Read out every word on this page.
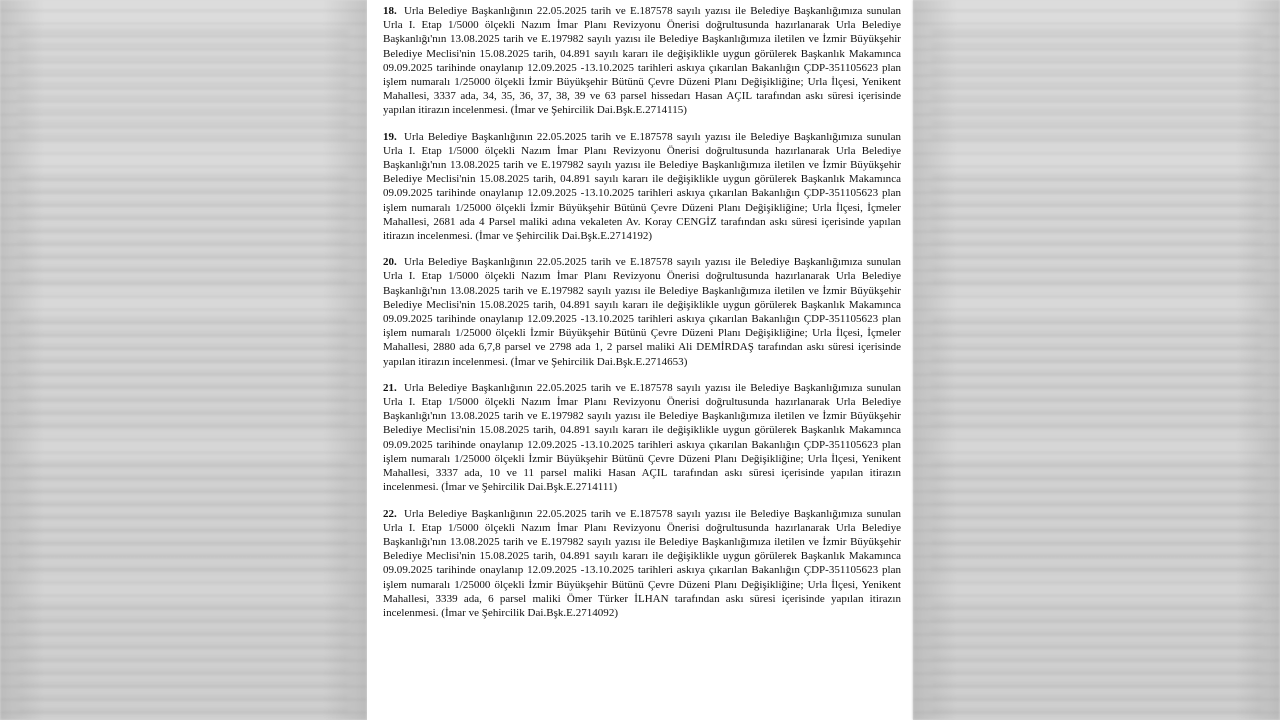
18. Urla Belediye Başkanlığının 22.05.2025 tarih ve E.187578 sayılı yazısı ile Belediye Başkanlığımıza sunulan Urla I. Etap 1/5000 ölçekli Nazım İmar Planı Revizyonu Önerisi doğrultusunda hazırlanarak Urla Belediye Başkanlığı'nın 13.08.2025 tarih ve E.197982 sayılı yazısı ile Belediye Başkanlığımıza iletilen ve İzmir Büyükşehir Belediye Meclisi'nin 15.08.2025 tarih, 04.891 sayılı kararı ile değişiklikle uygun görülerek Başkanlık Makamınca 09.09.2025 tarihinde onaylanıp 12.09.2025 -13.10.2025 tarihleri askıya çıkarılan Bakanlığın ÇDP-351105623 plan işlem numaralı 1/25000 ölçekli İzmir Büyükşehir Bütünü Çevre Düzeni Planı Değişikliğine; Urla İlçesi, Yenikent Mahallesi, 3337 ada, 34, 35, 36, 37, 38, 39 ve 63 parsel hissedarı Hasan AÇIL tarafından askı süresi içerisinde yapılan itirazın incelenmesi. (İmar ve Şehircilik Dai.Bşk.E.2714115)

19. Urla Belediye Başkanlığının 22.05.2025 tarih ve E.187578 sayılı yazısı ile Belediye Başkanlığımıza sunulan Urla I. Etap 1/5000 ölçekli Nazım İmar Planı Revizyonu Önerisi doğrultusunda hazırlanarak Urla Belediye Başkanlığı'nın 13.08.2025 tarih ve E.197982 sayılı yazısı ile Belediye Başkanlığımıza iletilen ve İzmir Büyükşehir Belediye Meclisi'nin 15.08.2025 tarih, 04.891 sayılı kararı ile değişiklikle uygun görülerek Başkanlık Makamınca 09.09.2025 tarihinde onaylanıp 12.09.2025 -13.10.2025 tarihleri askıya çıkarılan Bakanlığın ÇDP-351105623 plan işlem numaralı 1/25000 ölçekli İzmir Büyükşehir Bütünü Çevre Düzeni Planı Değişikliğine; Urla İlçesi, İçmeler Mahallesi, 2681 ada 4 Parsel maliki adına vekaleten Av. Koray CENGİZ tarafından askı süresi içerisinde yapılan itirazın incelenmesi. (İmar ve Şehircilik Dai.Bşk.E.2714192)

20. Urla Belediye Başkanlığının 22.05.2025 tarih ve E.187578 sayılı yazısı ile Belediye Başkanlığımıza sunulan Urla I. Etap 1/5000 ölçekli Nazım İmar Planı Revizyonu Önerisi doğrultusunda hazırlanarak Urla Belediye Başkanlığı'nın 13.08.2025 tarih ve E.197982 sayılı yazısı ile Belediye Başkanlığımıza iletilen ve İzmir Büyükşehir Belediye Meclisi'nin 15.08.2025 tarih, 04.891 sayılı kararı ile değişiklikle uygun görülerek Başkanlık Makamınca 09.09.2025 tarihinde onaylanıp 12.09.2025 -13.10.2025 tarihleri askıya çıkarılan Bakanlığın ÇDP-351105623 plan işlem numaralı 1/25000 ölçekli İzmir Büyükşehir Bütünü Çevre Düzeni Planı Değişikliğine; Urla İlçesi, İçmeler Mahallesi, 2880 ada 6,7,8 parsel ve 2798 ada 1, 2 parsel maliki Ali DEMİRDAŞ tarafından askı süresi içerisinde yapılan itirazın incelenmesi. (İmar ve Şehircilik Dai.Bşk.E.2714653)

21. Urla Belediye Başkanlığının 22.05.2025 tarih ve E.187578 sayılı yazısı ile Belediye Başkanlığımıza sunulan Urla I. Etap 1/5000 ölçekli Nazım İmar Planı Revizyonu Önerisi doğrultusunda hazırlanarak Urla Belediye Başkanlığı'nın 13.08.2025 tarih ve E.197982 sayılı yazısı ile Belediye Başkanlığımıza iletilen ve İzmir Büyükşehir Belediye Meclisi'nin 15.08.2025 tarih, 04.891 sayılı kararı ile değişiklikle uygun görülerek Başkanlık Makamınca 09.09.2025 tarihinde onaylanıp 12.09.2025 -13.10.2025 tarihleri askıya çıkarılan Bakanlığın ÇDP-351105623 plan işlem numaralı 1/25000 ölçekli İzmir Büyükşehir Bütünü Çevre Düzeni Planı Değişikliğine; Urla İlçesi, Yenikent Mahallesi, 3337 ada, 10 ve 11 parsel maliki Hasan AÇIL tarafından askı süresi içerisinde yapılan itirazın incelenmesi. (İmar ve Şehircilik Dai.Bşk.E.2714111)

22. Urla Belediye Başkanlığının 22.05.2025 tarih ve E.187578 sayılı yazısı ile Belediye Başkanlığımıza sunulan Urla I. Etap 1/5000 ölçekli Nazım İmar Planı Revizyonu Önerisi doğrultusunda hazırlanarak Urla Belediye Başkanlığı'nın 13.08.2025 tarih ve E.197982 sayılı yazısı ile Belediye Başkanlığımıza iletilen ve İzmir Büyükşehir Belediye Meclisi'nin 15.08.2025 tarih, 04.891 sayılı kararı ile değişiklikle uygun görülerek Başkanlık Makamınca 09.09.2025 tarihinde onaylanıp 12.09.2025 -13.10.2025 tarihleri askıya çıkarılan Bakanlığın ÇDP-351105623 plan işlem numaralı 1/25000 ölçekli İzmir Büyükşehir Bütünü Çevre Düzeni Planı Değişikliğine; Urla İlçesi, Yenikent Mahallesi, 3339 ada, 6 parsel maliki Ömer Türker İLHAN tarafından askı süresi içerisinde yapılan itirazın incelenmesi. (İmar ve Şehircilik Dai.Bşk.E.2714092)
